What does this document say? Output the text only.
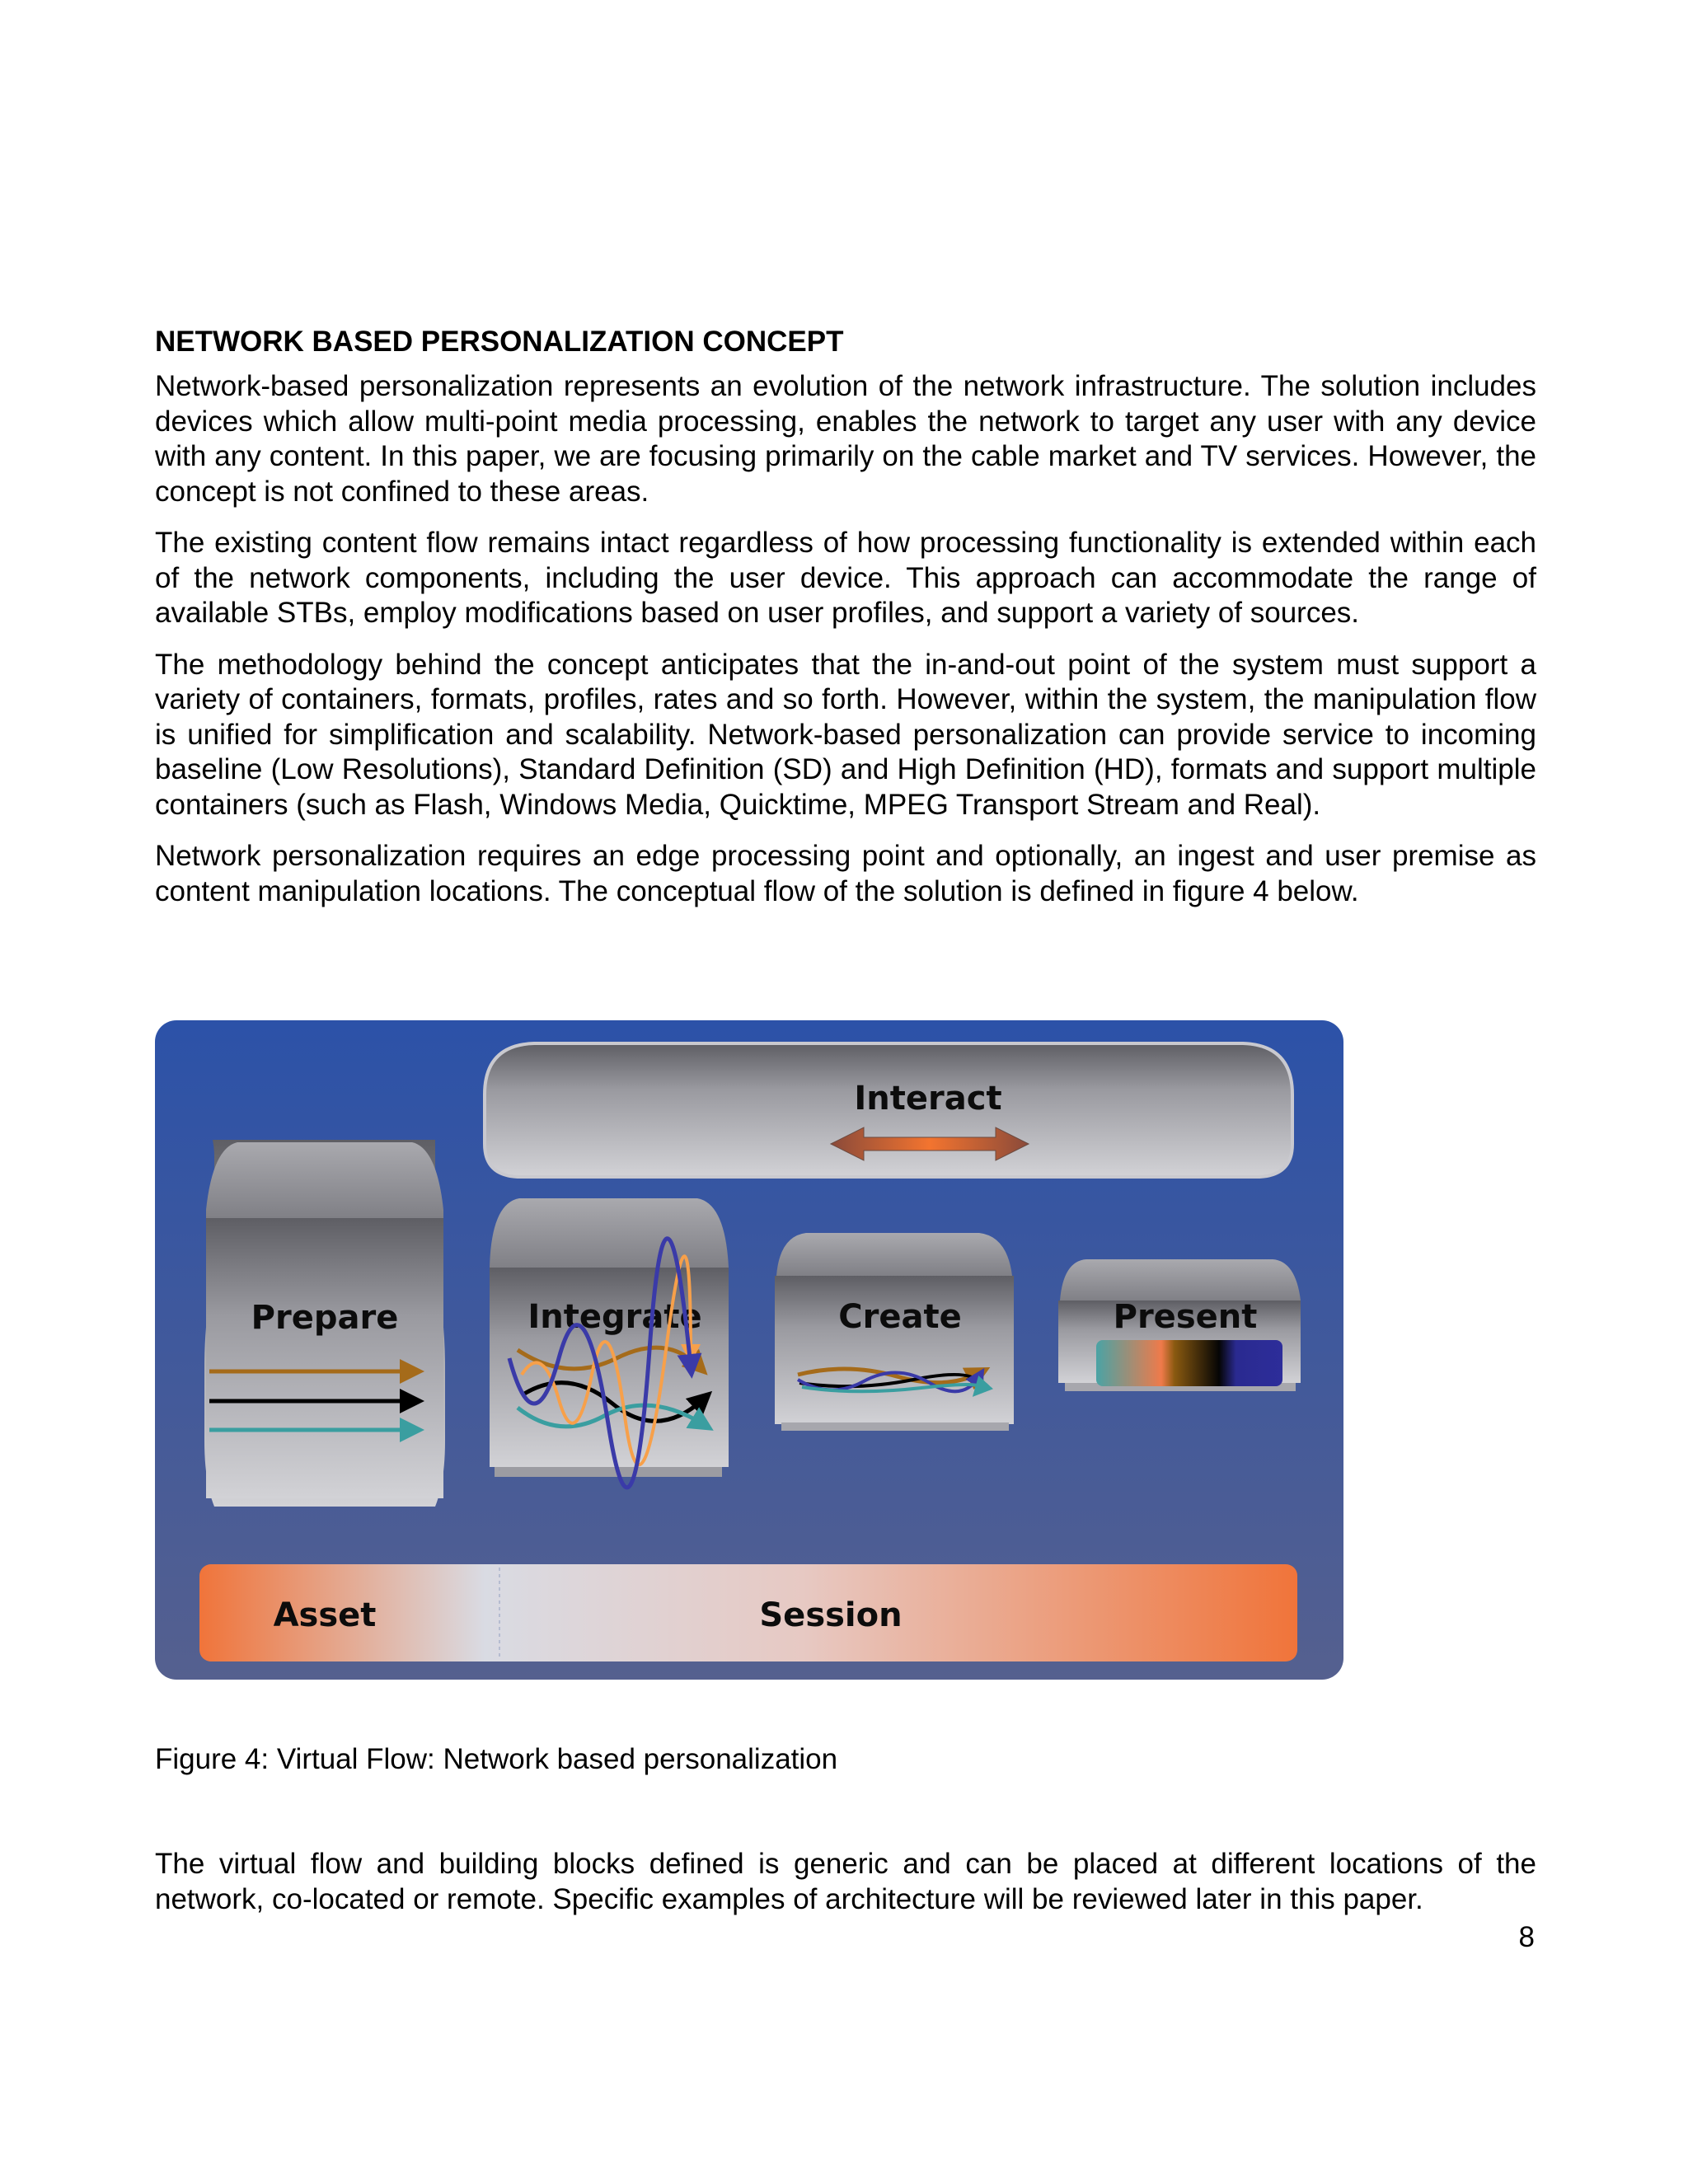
NETWORK BASED PERSONALIZATION CONCEPT

Network-based personalization represents an evolution of the network infrastructure. The solution includes devices which allow multi-point media processing, enables the network to target any user with any device with any content. In this paper, we are focusing primarily on the cable market and TV services. However, the concept is not confined to these areas.

The existing content flow remains intact regardless of how processing functionality is extended within each of the network components, including the user device. This approach can accommodate the range of available STBs, employ modifications based on user profiles, and support a variety of sources.

The methodology behind the concept anticipates that the in-and-out point of the system must support a variety of containers, formats, profiles, rates and so forth. However, within the system, the manipulation flow is unified for simplification and scalability. Network-based personalization can provide service to incoming baseline (Low Resolutions), Standard Definition (SD) and High Definition (HD), formats and support multiple containers (such as Flash, Windows Media, Quicktime, MPEG Transport Stream and Real).

Network personalization requires an edge processing point and optionally, an ingest and user premise as content manipulation locations. The conceptual flow of the solution is defined in figure 4 below.

Interact
Prepare	Integrate	Create	Present
Asset	Session
Figure 4: Virtual Flow: Network based personalization

The virtual flow and building blocks defined is generic and can be placed at different locations of the network, co-located or remote. Specific examples of architecture will be reviewed later in this paper.

8
